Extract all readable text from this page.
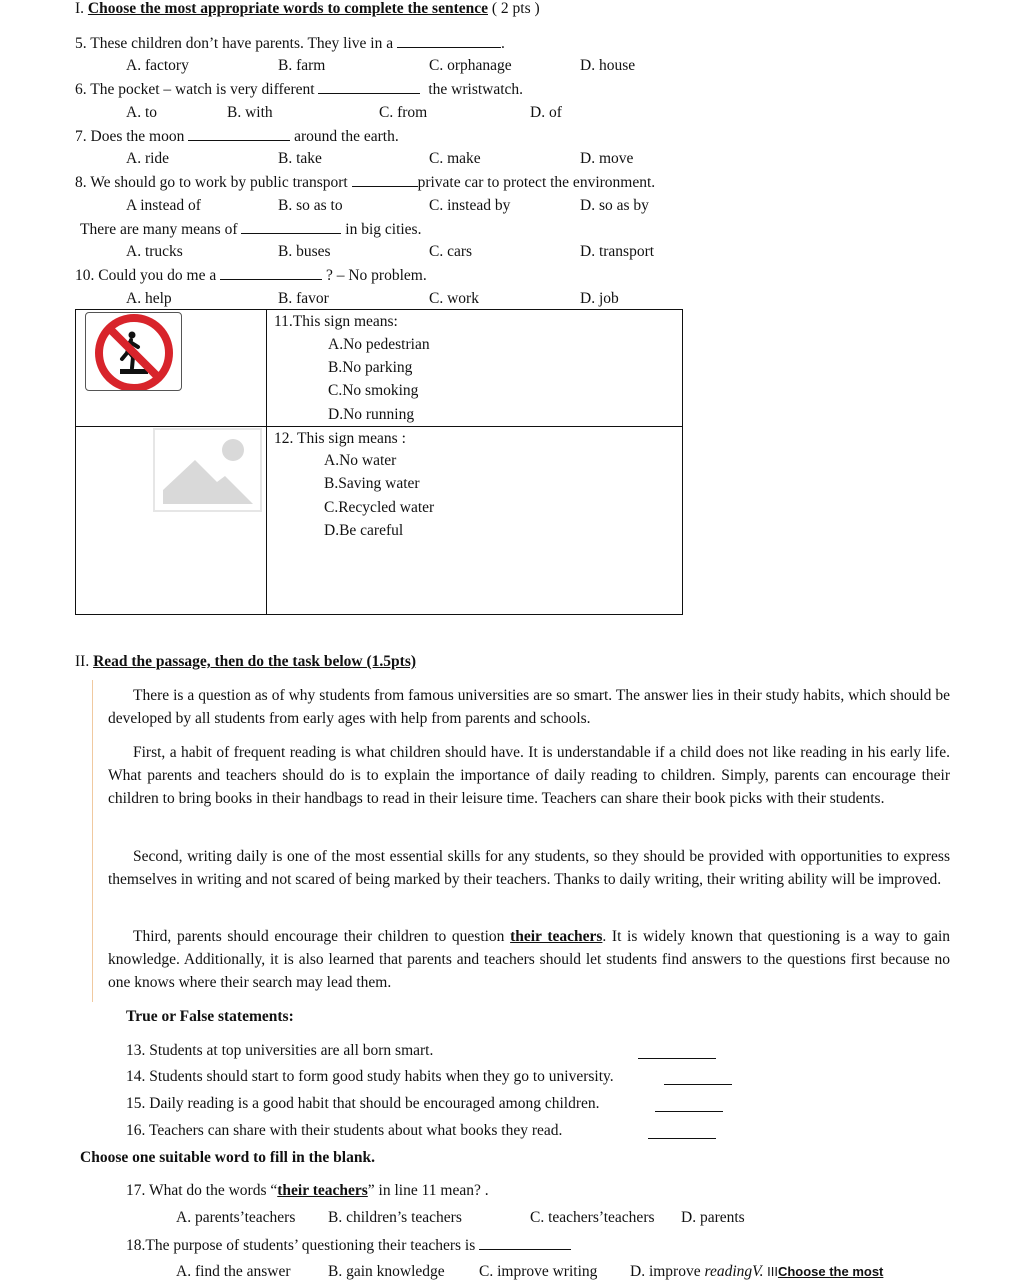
I. Choose the most appropriate words to complete the sentence ( 2 pts )
5. These children don’t have parents. They live in a	.
A. factory	B. farm	C. orphanage	D. house
6. The pocket – watch is very different	the wristwatch.
A. to	B. with	C. from	D. of
7. Does the moon	around the earth.
A. ride	B. take	C. make	D. move
8. We should go to work by public transport	private car to protect the environment.
A instead of	B. so as to	C. instead by	D. so as by
There are many means of	in big cities.
A. trucks	B. buses	C. cars	D. transport
10. Could you do me a	? – No problem.
A. help	B. favor	C. work	D. job
11.This sign means:
A.No pedestrian
B.No parking
C.No smoking
D.No running
12. This sign means :
A.No water
B.Saving water
C.Recycled water
D.Be careful
II. Read the passage, then do the task below (1.5pts)
There is a question as of why students from famous universities are so smart. The answer lies in their study habits, which should be developed by all students from early ages with help from parents and schools.
First, a habit of frequent reading is what children should have. It is understandable if a child does not like reading in his early life. What parents and teachers should do is to explain the importance of daily reading to children. Simply, parents can encourage their children to bring books in their handbags to read in their leisure time. Teachers can share their book picks with their students.
Second, writing daily is one of the most essential skills for any students, so they should be provided with opportunities to express themselves in writing and not scared of being marked by their teachers. Thanks to daily writing, their writing ability will be improved.
Third, parents should encourage their children to question their teachers. It is widely known that questioning is a way to gain knowledge. Additionally, it is also learned that parents and teachers should let students find answers to the questions first because no one knows where their search may lead them.
True or False statements:
13. Students at top universities are all born smart.
14. Students should start to form good study habits when they go to university.
15. Daily reading is a good habit that should be encouraged among children.
16. Teachers can share with their students about what books they read.
Choose one suitable word to fill in the blank.
17. What do the words “their teachers” in line 11 mean? .
A. parents’teachers B. children’s teachers	C. teachers’teachers D. parents
18.The purpose of students’ questioning their teachers is
A. find the answer B. gain knowledge C. improve writing D. improve readingV. IIIChoose the most
